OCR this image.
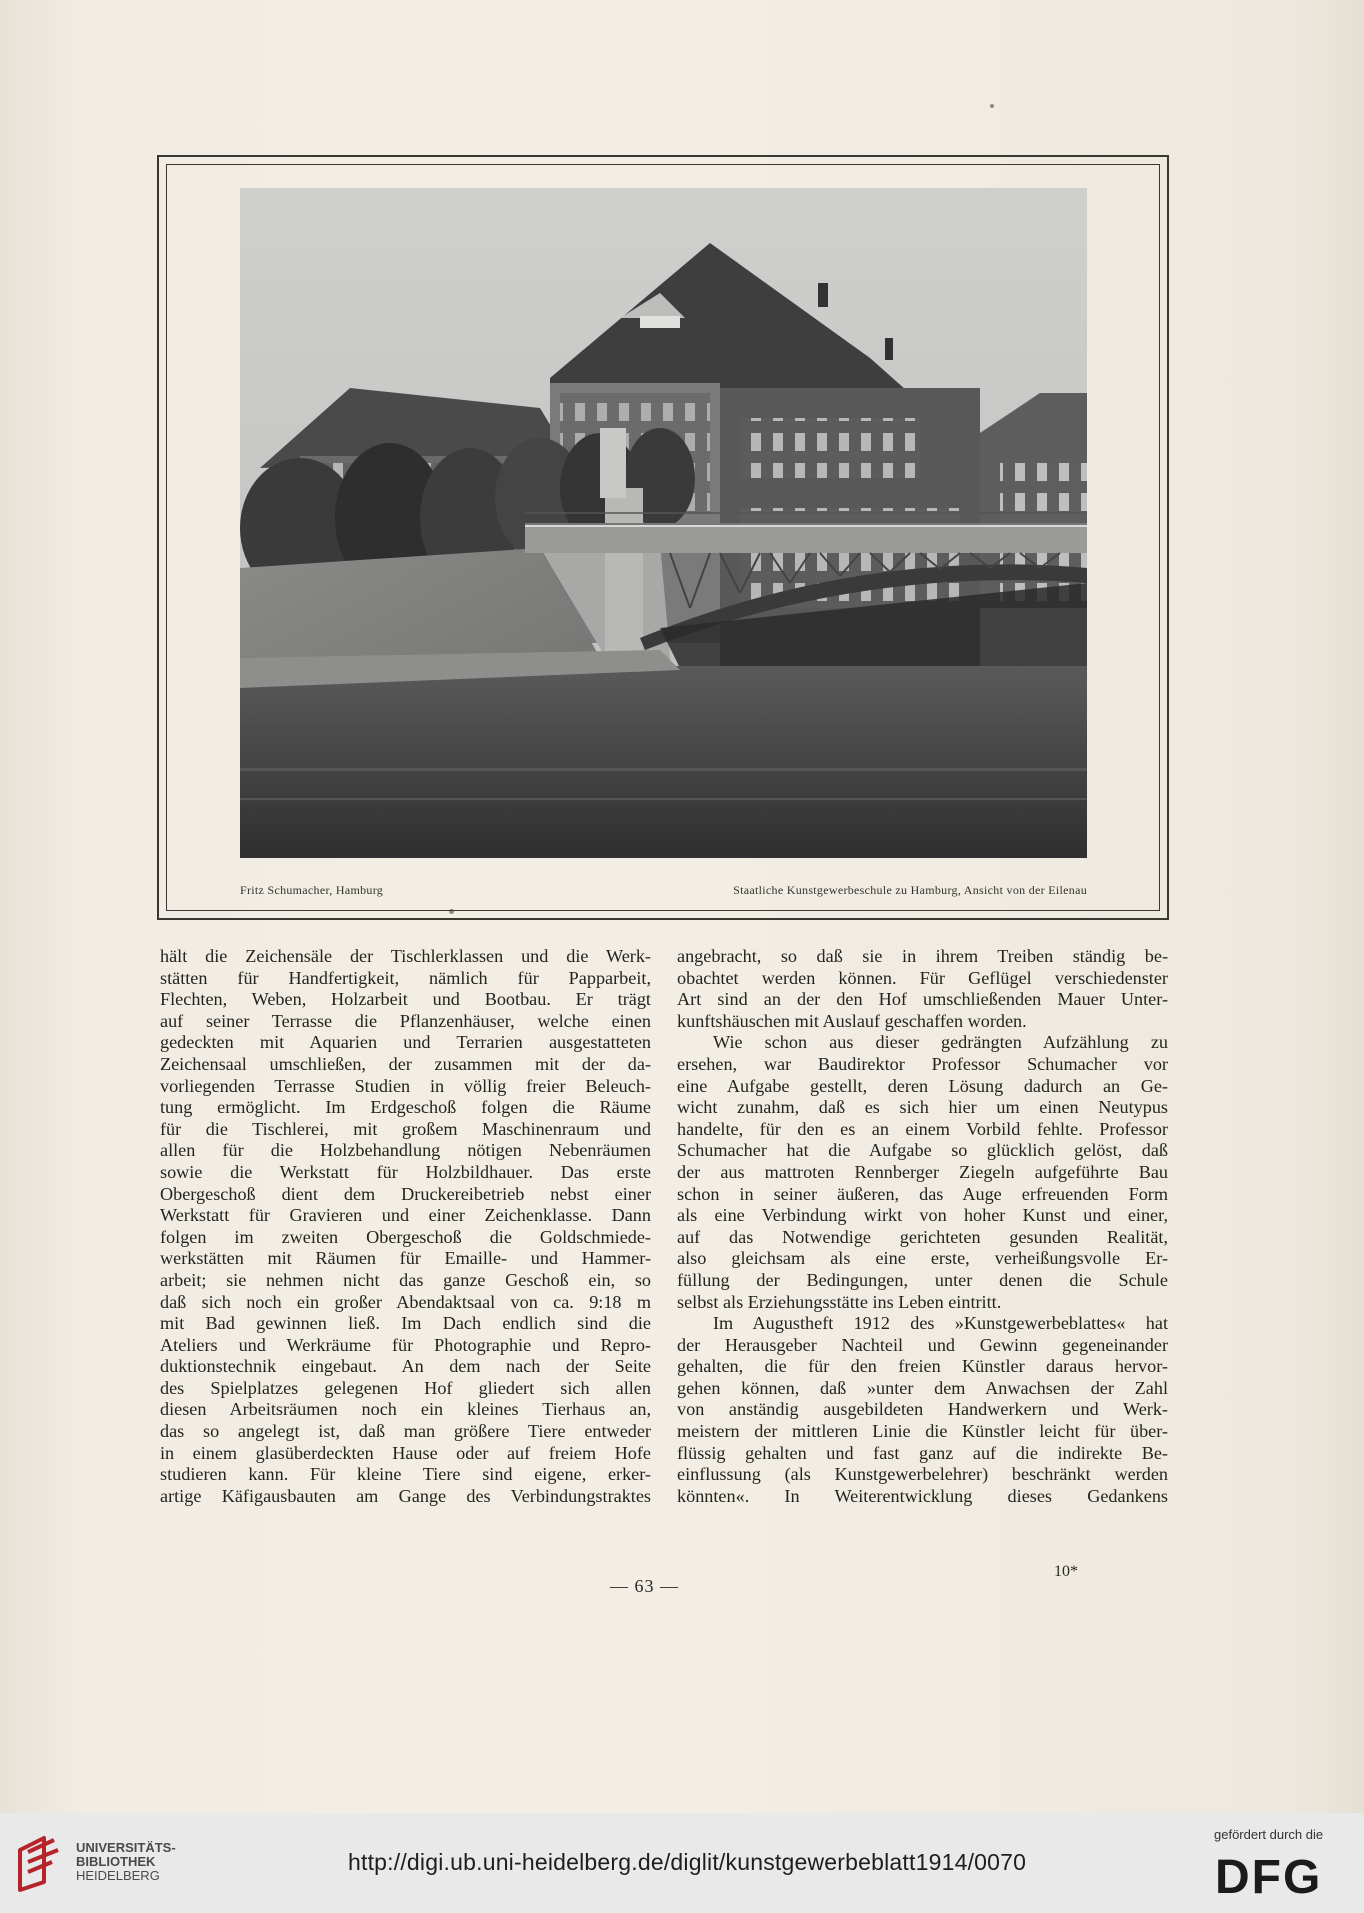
Fritz Schumacher, Hamburg	Staatliche Kunstgewerbeschule zu Hamburg, Ansicht von der Eilenau
hält die Zeichensäle der Tischlerklassen und die Werk-
stätten für Handfertigkeit, nämlich für Papparbeit,
Flechten, Weben, Holzarbeit und Bootbau. Er trägt
auf seiner Terrasse die Pflanzenhäuser, welche einen
gedeckten mit Aquarien und Terrarien ausgestatteten
Zeichensaal umschließen, der zusammen mit der da-
vorliegenden Terrasse Studien in völlig freier Beleuch-
tung ermöglicht. Im Erdgeschoß folgen die Räume
für die Tischlerei, mit großem Maschinenraum und
allen für die Holzbehandlung nötigen Nebenräumen
sowie die Werkstatt für Holzbildhauer. Das erste
Obergeschoß dient dem Druckereibetrieb nebst einer
Werkstatt für Gravieren und einer Zeichenklasse. Dann
folgen im zweiten Obergeschoß die Goldschmiede-
werkstätten mit Räumen für Emaille- und Hammer-
arbeit; sie nehmen nicht das ganze Geschoß ein, so
daß sich noch ein großer Abendaktsaal von ca. 9:18 m
mit Bad gewinnen ließ. Im Dach endlich sind die
Ateliers und Werkräume für Photographie und Repro-
duktionstechnik eingebaut. An dem nach der Seite
des Spielplatzes gelegenen Hof gliedert sich allen
diesen Arbeitsräumen noch ein kleines Tierhaus an,
das so angelegt ist, daß man größere Tiere entweder
in einem glasüberdeckten Hause oder auf freiem Hofe
studieren kann. Für kleine Tiere sind eigene, erker-
artige Käfigausbauten am Gange des Verbindungstraktes
angebracht, so daß sie in ihrem Treiben ständig be-
obachtet werden können. Für Geflügel verschiedenster
Art sind an der den Hof umschließenden Mauer Unter-
kunftshäuschen mit Auslauf geschaffen worden.
Wie schon aus dieser gedrängten Aufzählung zu
ersehen, war Baudirektor Professor Schumacher vor
eine Aufgabe gestellt, deren Lösung dadurch an Ge-
wicht zunahm, daß es sich hier um einen Neutypus
handelte, für den es an einem Vorbild fehlte. Professor
Schumacher hat die Aufgabe so glücklich gelöst, daß
der aus mattroten Rennberger Ziegeln aufgeführte Bau
schon in seiner äußeren, das Auge erfreuenden Form
als eine Verbindung wirkt von hoher Kunst und einer,
auf das Notwendige gerichteten gesunden Realität,
also gleichsam als eine erste, verheißungsvolle Er-
füllung der Bedingungen, unter denen die Schule
selbst als Erziehungsstätte ins Leben eintritt.
Im Augustheft 1912 des »Kunstgewerbeblattes« hat
der Herausgeber Nachteil und Gewinn gegeneinander
gehalten, die für den freien Künstler daraus hervor-
gehen können, daß »unter dem Anwachsen der Zahl
von anständig ausgebildeten Handwerkern und Werk-
meistern der mittleren Linie die Künstler leicht für über-
flüssig gehalten und fast ganz auf die indirekte Be-
einflussung (als Kunstgewerbelehrer) beschränkt werden
könnten«. In Weiterentwicklung dieses Gedankens
10*
— 63 —
UNIVERSITÄTS-
BIBLIOTHEK
HEIDELBERG
http://digi.ub.uni-heidelberg.de/diglit/kunstgewerbeblatt1914/0070
gefördert durch die
DFG
